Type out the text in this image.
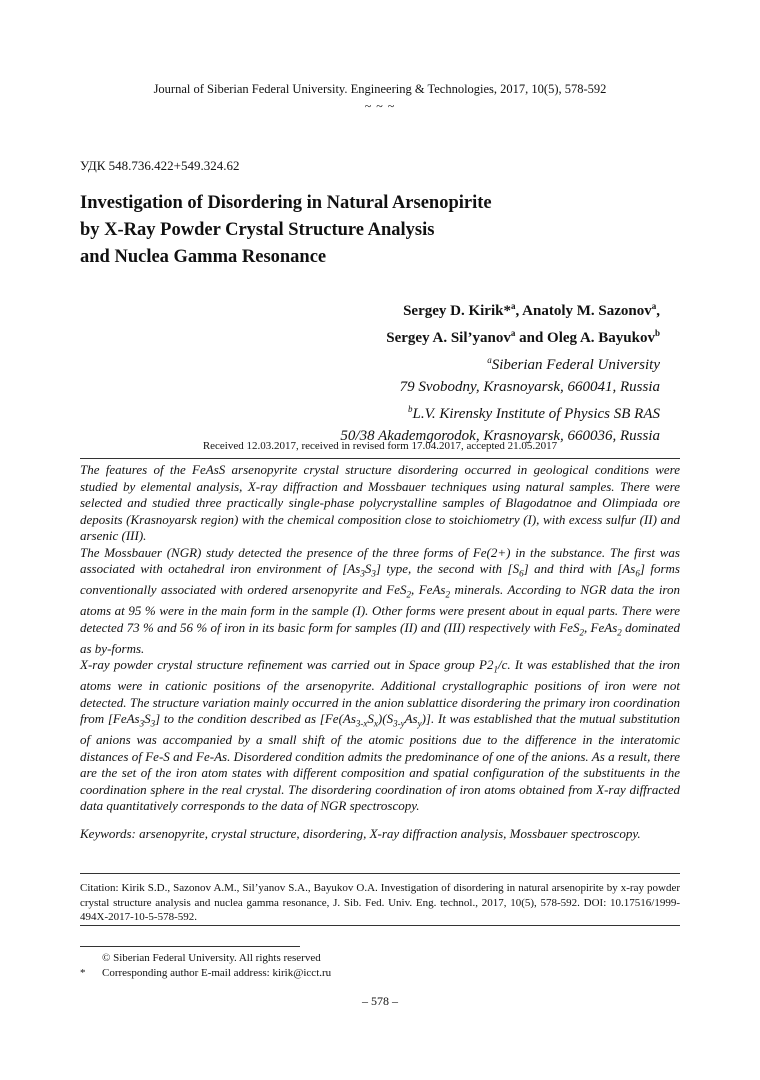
Journal of Siberian Federal University. Engineering & Technologies, 2017, 10(5), 578-592
~ ~ ~
УДК 548.736.422+549.324.62
Investigation of Disordering in Natural Arsenopirite
by X-Ray Powder Crystal Structure Analysis
and Nuclea Gamma Resonance
Sergey D. Kirik*$^a$, Anatoly M. Sazonov$^a$,
Sergey A. Sil’yanov$^a$ and Oleg A. Bayukov$^b$
$^a$Siberian Federal University
79 Svobodny, Krasnoyarsk, 660041, Russia
$^b$L.V. Kirensky Institute of Physics SB RAS
50/38 Akademgorodok, Krasnoyarsk, 660036, Russia
Received 12.03.2017, received in revised form 17.04.2017, accepted 21.05.2017

The features of the FeAsS arsenopyrite crystal structure disordering occurred in geological conditions were studied by elemental analysis, X-ray diffraction and Mossbauer techniques using natural samples. There were selected and studied three practically single-phase polycrystalline samples of Blagodatnoe and Olimpiada ore deposits (Krasnoyarsk region) with the chemical composition close to stoichiometry (I), with excess sulfur (II) and arsenic (III).

The Mossbauer (NGR) study detected the presence of the three forms of Fe(2+) in the substance. The first was associated with octahedral iron environment of $[As_3S_3]$ type, the second with $[S_6]$ and third with $[As_6]$ forms conventionally associated with ordered arsenopyrite and FeS$_2$, FeAs$_2$ minerals. According to NGR data the iron atoms at 95 % were in the main form in the sample (I). Other forms were present about in equal parts. There were detected 73 % and 56 % of iron in its basic form for samples (II) and (III) respectively with FeS$_2$, FeAs$_2$ dominated as by-forms.

X-ray powder crystal structure refinement was carried out in Space group $P2_1/c$. It was established that the iron atoms were in cationic positions of the arsenopyrite. Additional crystallographic positions of iron were not detected. The structure variation mainly occurred in the anion sublattice disordering the primary iron coordination from $[FeAs_3S_3]$ to the condition described as $[Fe(As_{3-x}S_x)(S_{3-y}As_y)]$. It was established that the mutual substitution of anions was accompanied by a small shift of the atomic positions due to the difference in the interatomic distances of Fe-S and Fe-As. Disordered condition admits the predominance of one of the anions. As a result, there are the set of the iron atom states with different composition and spatial configuration of the substituents in the coordination sphere in the real crystal. The disordering coordination of iron atoms obtained from X-ray diffracted data quantitatively corresponds to the data of NGR spectroscopy.

Keywords: arsenopyrite, crystal structure, disordering, X-ray diffraction analysis, Mossbauer spectroscopy.
Citation: Kirik S.D., Sazonov A.M., Sil’yanov S.A., Bayukov O.A. Investigation of disordering in natural arsenopirite by x-ray powder crystal structure analysis and nuclea gamma resonance, J. Sib. Fed. Univ. Eng. technol., 2017, 10(5), 578-592. DOI: 10.17516/1999-494X-2017-10-5-578-592.
© Siberian Federal University. All rights reserved
* Corresponding author E-mail address: kirik@icct.ru
– 578 –
